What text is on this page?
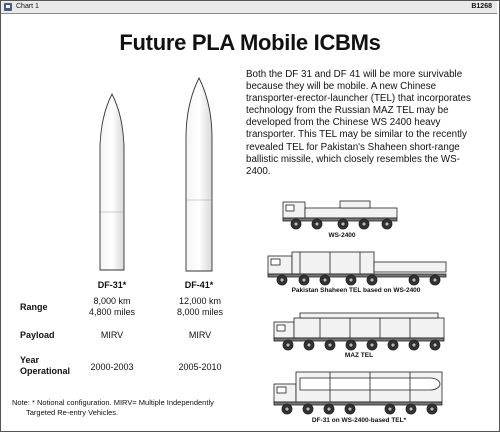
Chart 1	B1268
Future PLA Mobile ICBMs
Both the DF 31 and DF 41 will be more survivable because they will be mobile. A new Chinese transporter-erector-launcher (TEL) that incorporates technology from the Russian MAZ TEL may be developed from the Chinese WS 2400 heavy transporter. This TEL may be similar to the recently revealed TEL for Pakistan's Shaheen short-range ballistic missile, which closely resembles the WS-2400.
DF-31*	DF-41*
Range
Payload
Year
Operational
8,000 km
4,800 miles
MIRV
2000-2003
12,000 km
8,000 miles
MIRV
2005-2010
Note: * Notional configuration. MIRV= Multiple Independently
Targeted Re-entry Vehicles.
WS-2400
Pakistan Shaheen TEL based on WS-2400
MAZ TEL
DF-31 on WS-2400-based TEL*
